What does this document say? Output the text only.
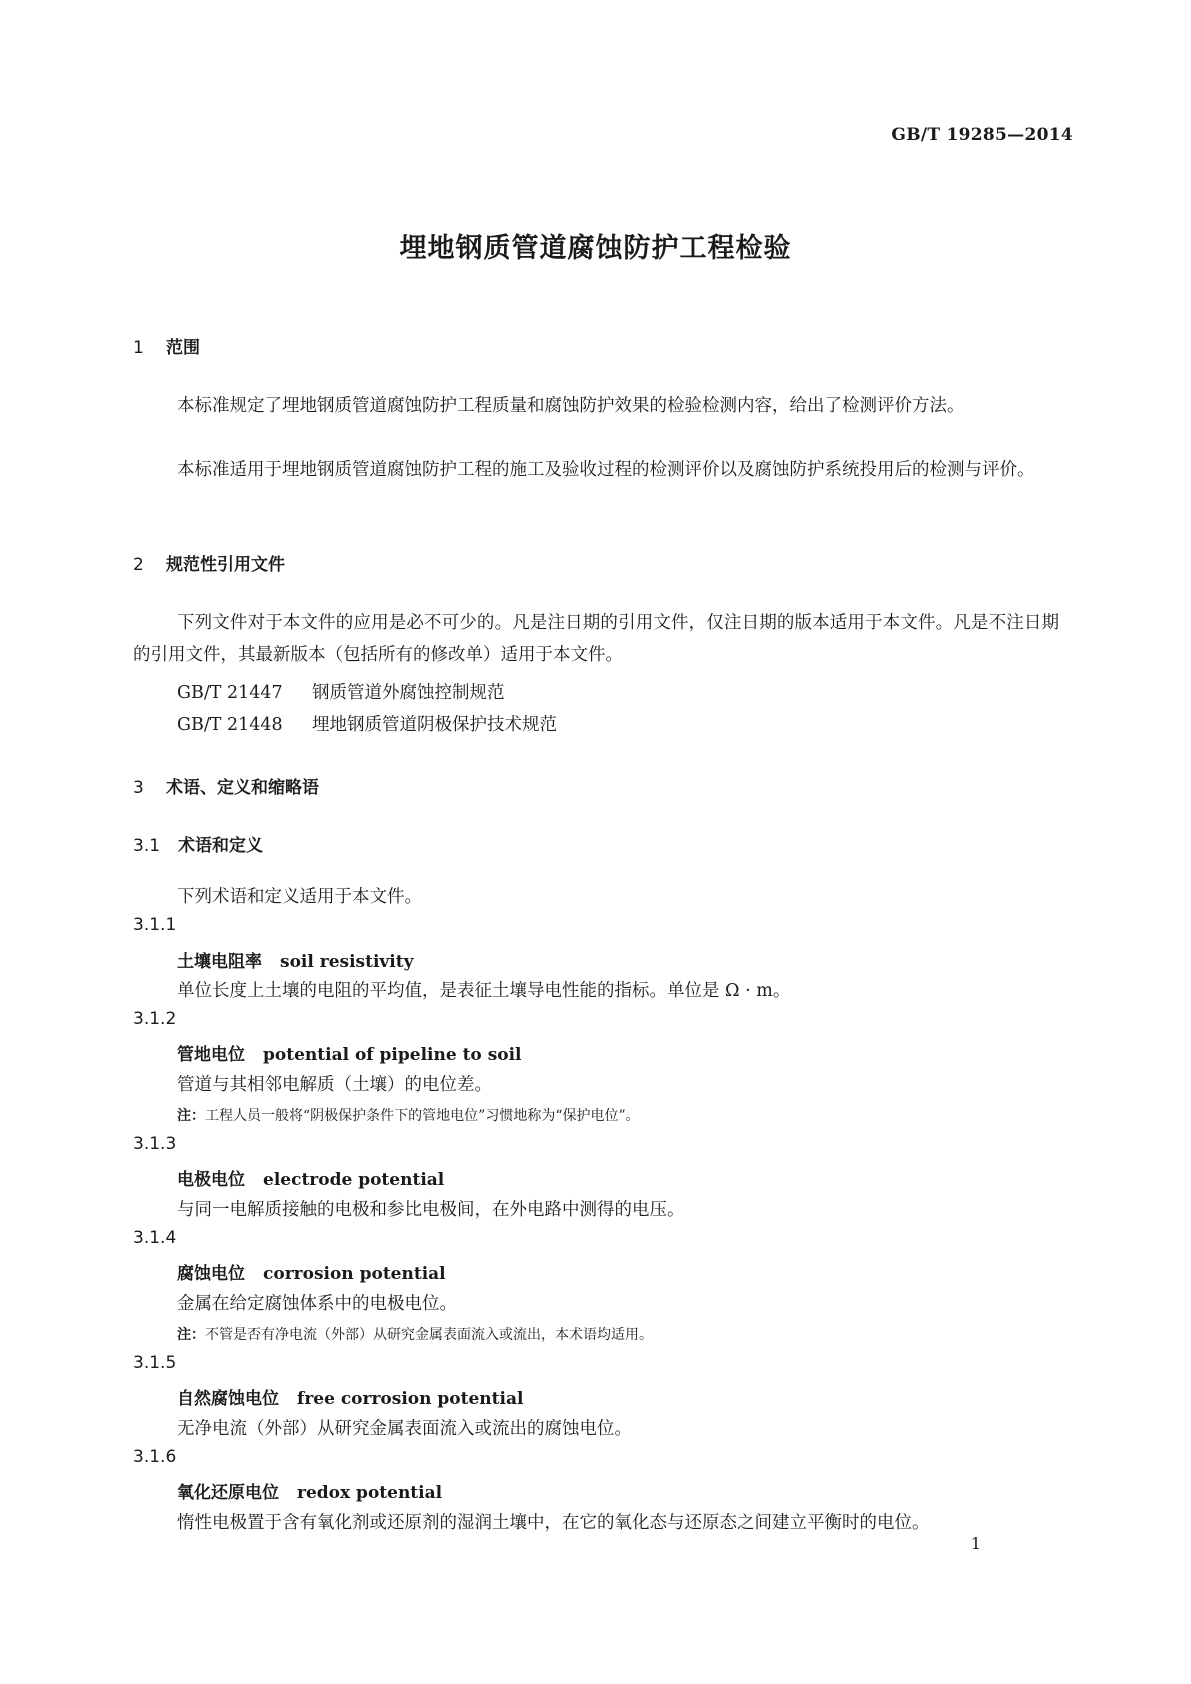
GB/T 19285—2014
埋地钢质管道腐蚀防护工程检验
1 范围
本标准规定了埋地钢质管道腐蚀防护工程质量和腐蚀防护效果的检验检测内容，给出了检测评价方法。
本标准适用于埋地钢质管道腐蚀防护工程的施工及验收过程的检测评价以及腐蚀防护系统投用后的检测与评价。
2 规范性引用文件
下列文件对于本文件的应用是必不可少的。凡是注日期的引用文件，仅注日期的版本适用于本文件。凡是不注日期的引用文件，其最新版本（包括所有的修改单）适用于本文件。
GB/T 21447 钢质管道外腐蚀控制规范
GB/T 21448 埋地钢质管道阴极保护技术规范
3 术语、定义和缩略语
3.1 术语和定义
下列术语和定义适用于本文件。
3.1.1
土壤电阻率 soil resistivity
单位长度上土壤的电阻的平均值，是表征土壤导电性能的指标。单位是 Ω · m。
3.1.2
管地电位 potential of pipeline to soil
管道与其相邻电解质（土壤）的电位差。
注：工程人员一般将“阴极保护条件下的管地电位”习惯地称为“保护电位”。
3.1.3
电极电位 electrode potential
与同一电解质接触的电极和参比电极间，在外电路中测得的电压。
3.1.4
腐蚀电位 corrosion potential
金属在给定腐蚀体系中的电极电位。
注：不管是否有净电流（外部）从研究金属表面流入或流出，本术语均适用。
3.1.5
自然腐蚀电位 free corrosion potential
无净电流（外部）从研究金属表面流入或流出的腐蚀电位。
3.1.6
氧化还原电位 redox potential
惰性电极置于含有氧化剂或还原剂的湿润土壤中，在它的氧化态与还原态之间建立平衡时的电位。
1
